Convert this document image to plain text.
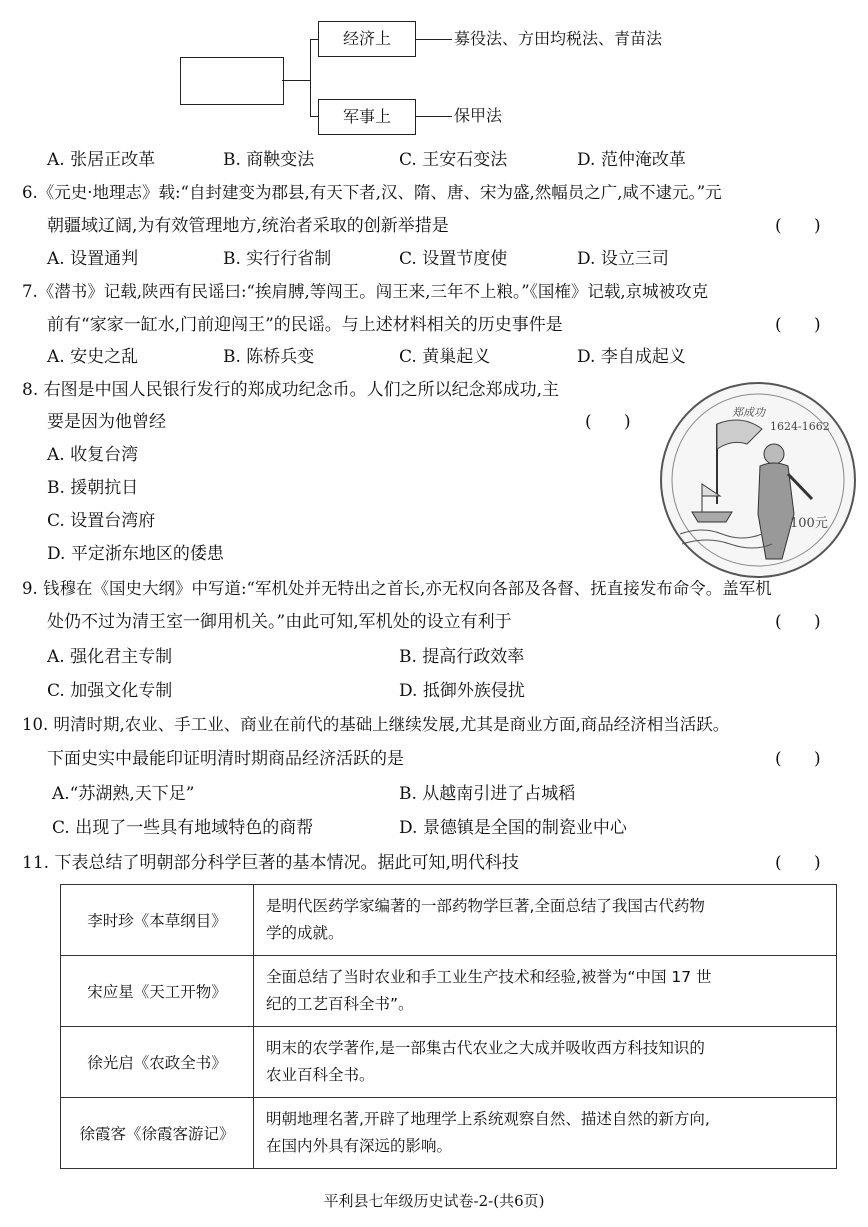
经济上
军事上
募役法、方田均税法、青苗法
保甲法
A. 张居正改革	B. 商鞅变法	C. 王安石变法	D. 范仲淹改革
6.《元史·地理志》载:“自封建变为郡县,有天下者,汉、隋、唐、宋为盛,然幅员之广,咸不逮元。”元
朝疆域辽阔,为有效管理地方,统治者采取的创新举措是	(      )
A. 设置通判	B. 实行行省制	C. 设置节度使	D. 设立三司
7.《潜书》记载,陕西有民谣曰:“挨肩膊,等闯王。闯王来,三年不上粮。”《国榷》记载,京城被攻克
前有“家家一缸水,门前迎闯王”的民谣。与上述材料相关的历史事件是	(      )
A. 安史之乱	B. 陈桥兵变	C. 黄巢起义	D. 李自成起义
8. 右图是中国人民银行发行的郑成功纪念币。人们之所以纪念郑成功,主
要是因为他曾经	(      )
A. 收复台湾
B. 援朝抗日
C. 设置台湾府
D. 平定浙东地区的倭患
郑成功
1624-1662
100元
9. 钱穆在《国史大纲》中写道:“军机处并无特出之首长,亦无权向各部及各督、抚直接发布命令。盖军机
处仍不过为清王室一御用机关。”由此可知,军机处的设立有利于	(      )
A. 强化君主专制	B. 提高行政效率
C. 加强文化专制	D. 抵御外族侵扰
10. 明清时期,农业、手工业、商业在前代的基础上继续发展,尤其是商业方面,商品经济相当活跃。
下面史实中最能印证明清时期商品经济活跃的是	(      )
A.“苏湖熟,天下足”	B. 从越南引进了占城稻
C. 出现了一些具有地域特色的商帮	D. 景德镇是全国的制瓷业中心
11. 下表总结了明朝部分科学巨著的基本情况。据此可知,明代科技	(      )
李时珍《本草纲目》	是明代医药学家编著的一部药物学巨著,全面总结了我国古代药物
学的成就。
宋应星《天工开物》	全面总结了当时农业和手工业生产技术和经验,被誉为“中国 17 世
纪的工艺百科全书”。
徐光启《农政全书》	明末的农学著作,是一部集古代农业之大成并吸收西方科技知识的
农业百科全书。
徐霞客《徐霞客游记》	明朝地理名著,开辟了地理学上系统观察自然、描述自然的新方向,
在国内外具有深远的影响。
平利县七年级历史试卷-2-(共6页)
